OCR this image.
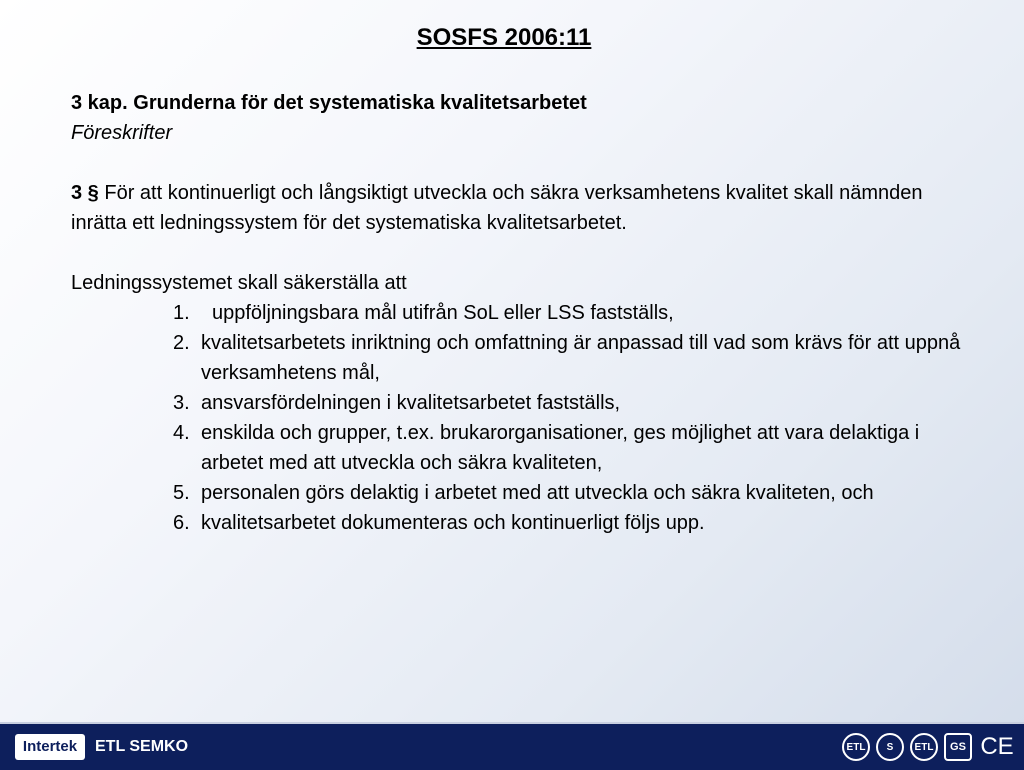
SOSFS 2006:11
3 kap. Grunderna för det systematiska kvalitetsarbetet
Föreskrifter
3 § För att kontinuerligt och långsiktigt utveckla och säkra verksamhetens kvalitet skall nämnden inrätta ett ledningssystem för det systematiska kvalitetsarbetet.
Ledningssystemet skall säkerställa att
1.	uppföljningsbara mål utifrån SoL eller LSS fastställs,
2. kvalitetsarbetets inriktning och omfattning är anpassad till vad som krävs för att uppnå verksamhetens mål,
3. ansvarsfördelningen i kvalitetsarbetet fastställs,
4. enskilda och grupper, t.ex. brukarorganisationer, ges möjlighet att vara delaktiga i arbetet med att utveckla och säkra kvaliteten,
5. personalen görs delaktig i arbetet med att utveckla och säkra kvaliteten, och
6. kvalitetsarbetet dokumenteras och kontinuerligt följs upp.
Intertek	ETL SEMKO	ETL	S	ETL	GS CE
